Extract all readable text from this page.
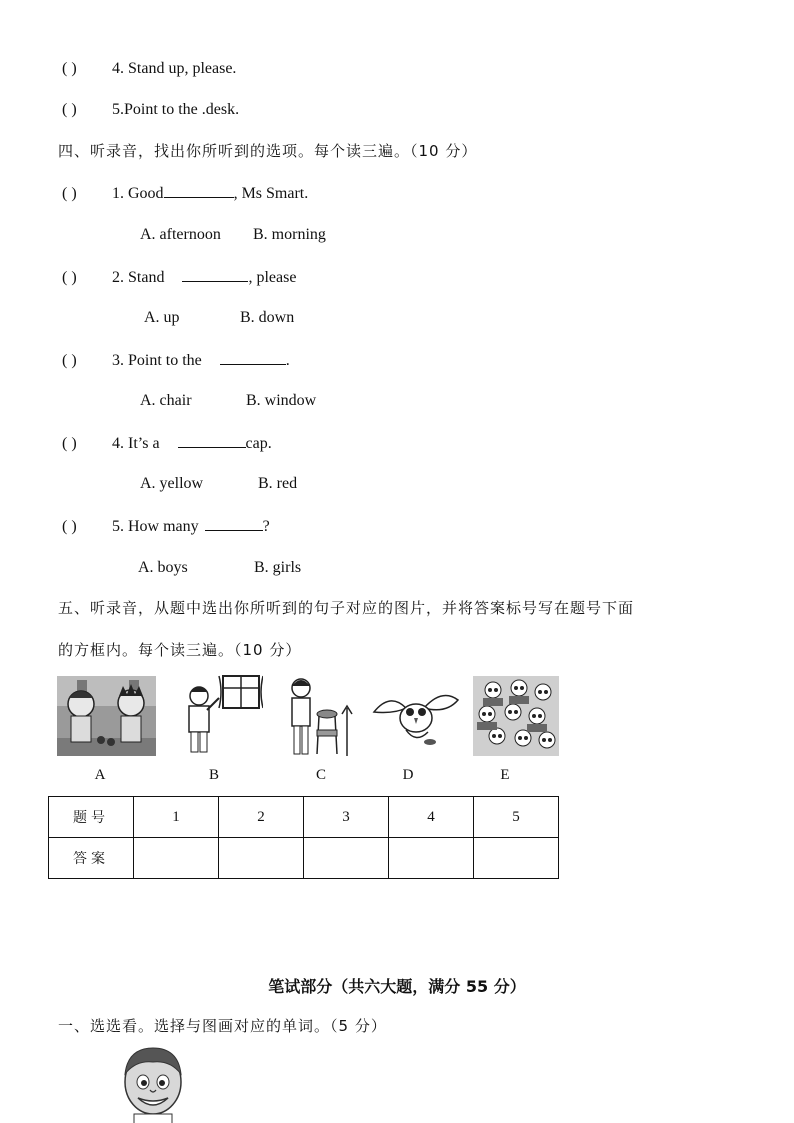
( ) 4. Stand up, please.
( ) 5.Point to the .desk.
四、听录音，找出你所听到的选项。每个读三遍。（10 分）
( ) 1. Good	, Ms Smart.
A. afternoon B. morning
( ) 2. Stand	, please
A. up	B. down
( ) 3. Point to the	.
A. chair	B. window
( ) 4. It’s a	cap.
A. yellow	B. red
( ) 5. How many	?
A. boys	B. girls
五、听录音，从题中选出你所听到的句子对应的图片，并将答案标号写在题号下面
的方框内。每个读三遍。（10 分）
A	B	C	D	E
题号	1	2	3	4	5
答案					
笔试部分（共六大题，满分 55 分）
一、选选看。选择与图画对应的单词。（5 分）
